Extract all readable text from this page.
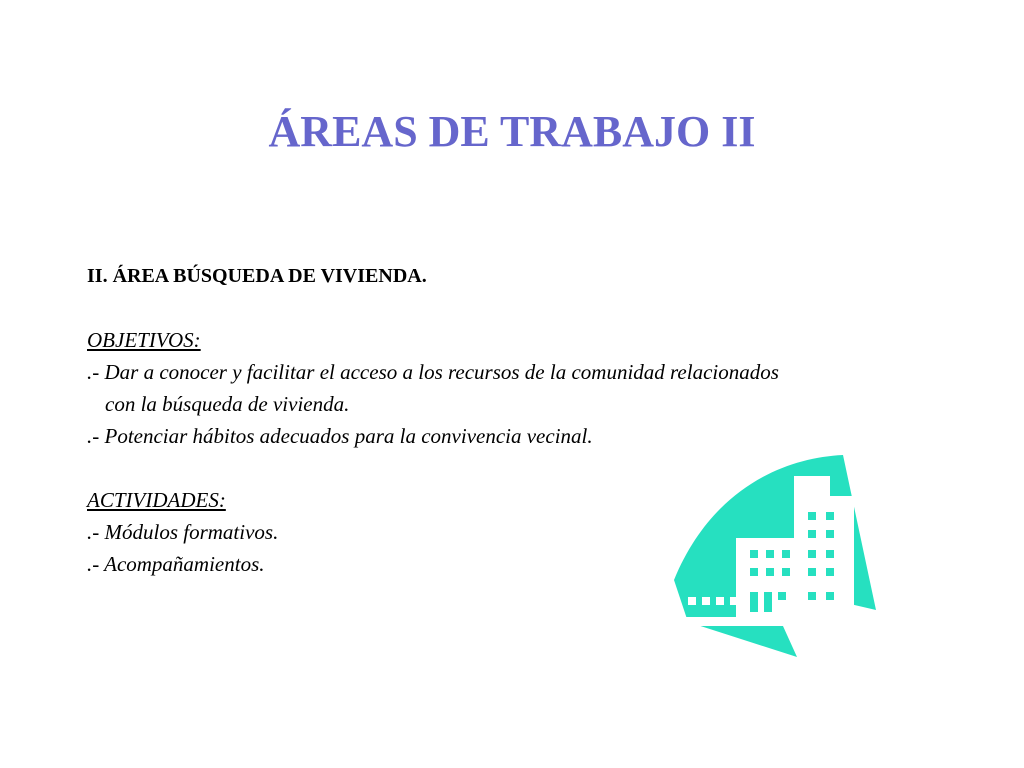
ÁREAS DE TRABAJO II
II. ÁREA BÚSQUEDA DE VIVIENDA.
OBJETIVOS:
.- Dar a conocer y facilitar el acceso a los recursos de la comunidad relacionados
con la búsqueda de vivienda.
.- Potenciar hábitos adecuados para la convivencia vecinal.
ACTIVIDADES:
.- Módulos formativos.
.- Acompañamientos.
